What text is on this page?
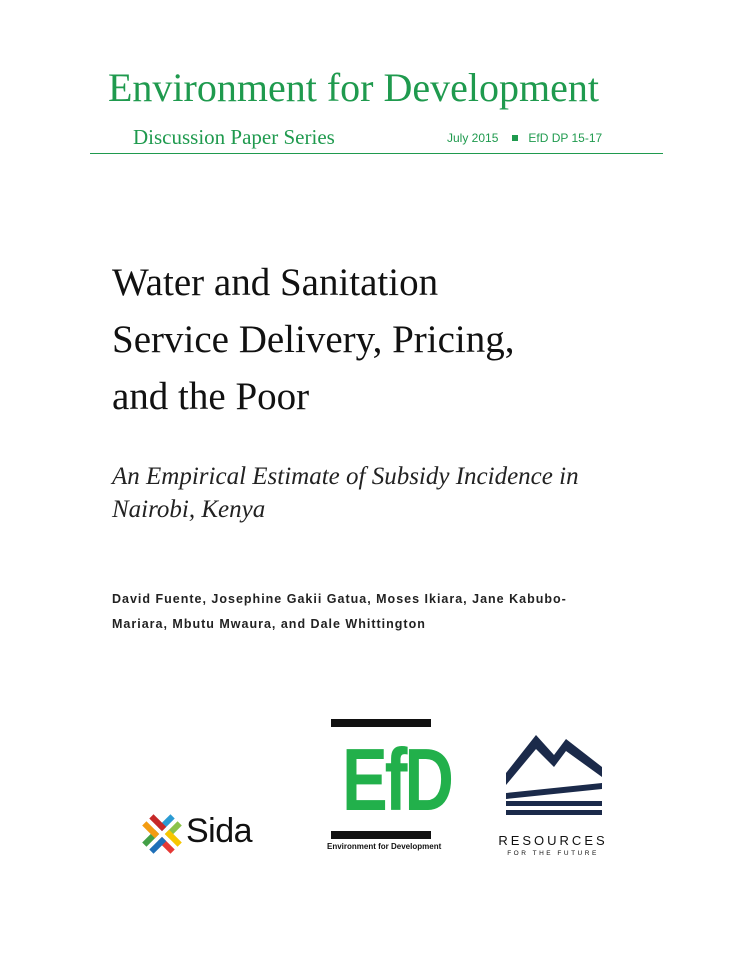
Environment for Development
Discussion Paper Series	July 2015	EfD DP 15-17
Water and Sanitation
Service Delivery, Pricing,
and the Poor

An Empirical Estimate of Subsidy Incidence in
Nairobi, Kenya

David Fuente, Josephine Gakii Gatua, Moses Ikiara, Jane Kabubo-
Mariara, Mbutu Mwaura, and Dale Whittington
Sida
EfD
Environment for Development	RESOURCES
FOR THE FUTURE
